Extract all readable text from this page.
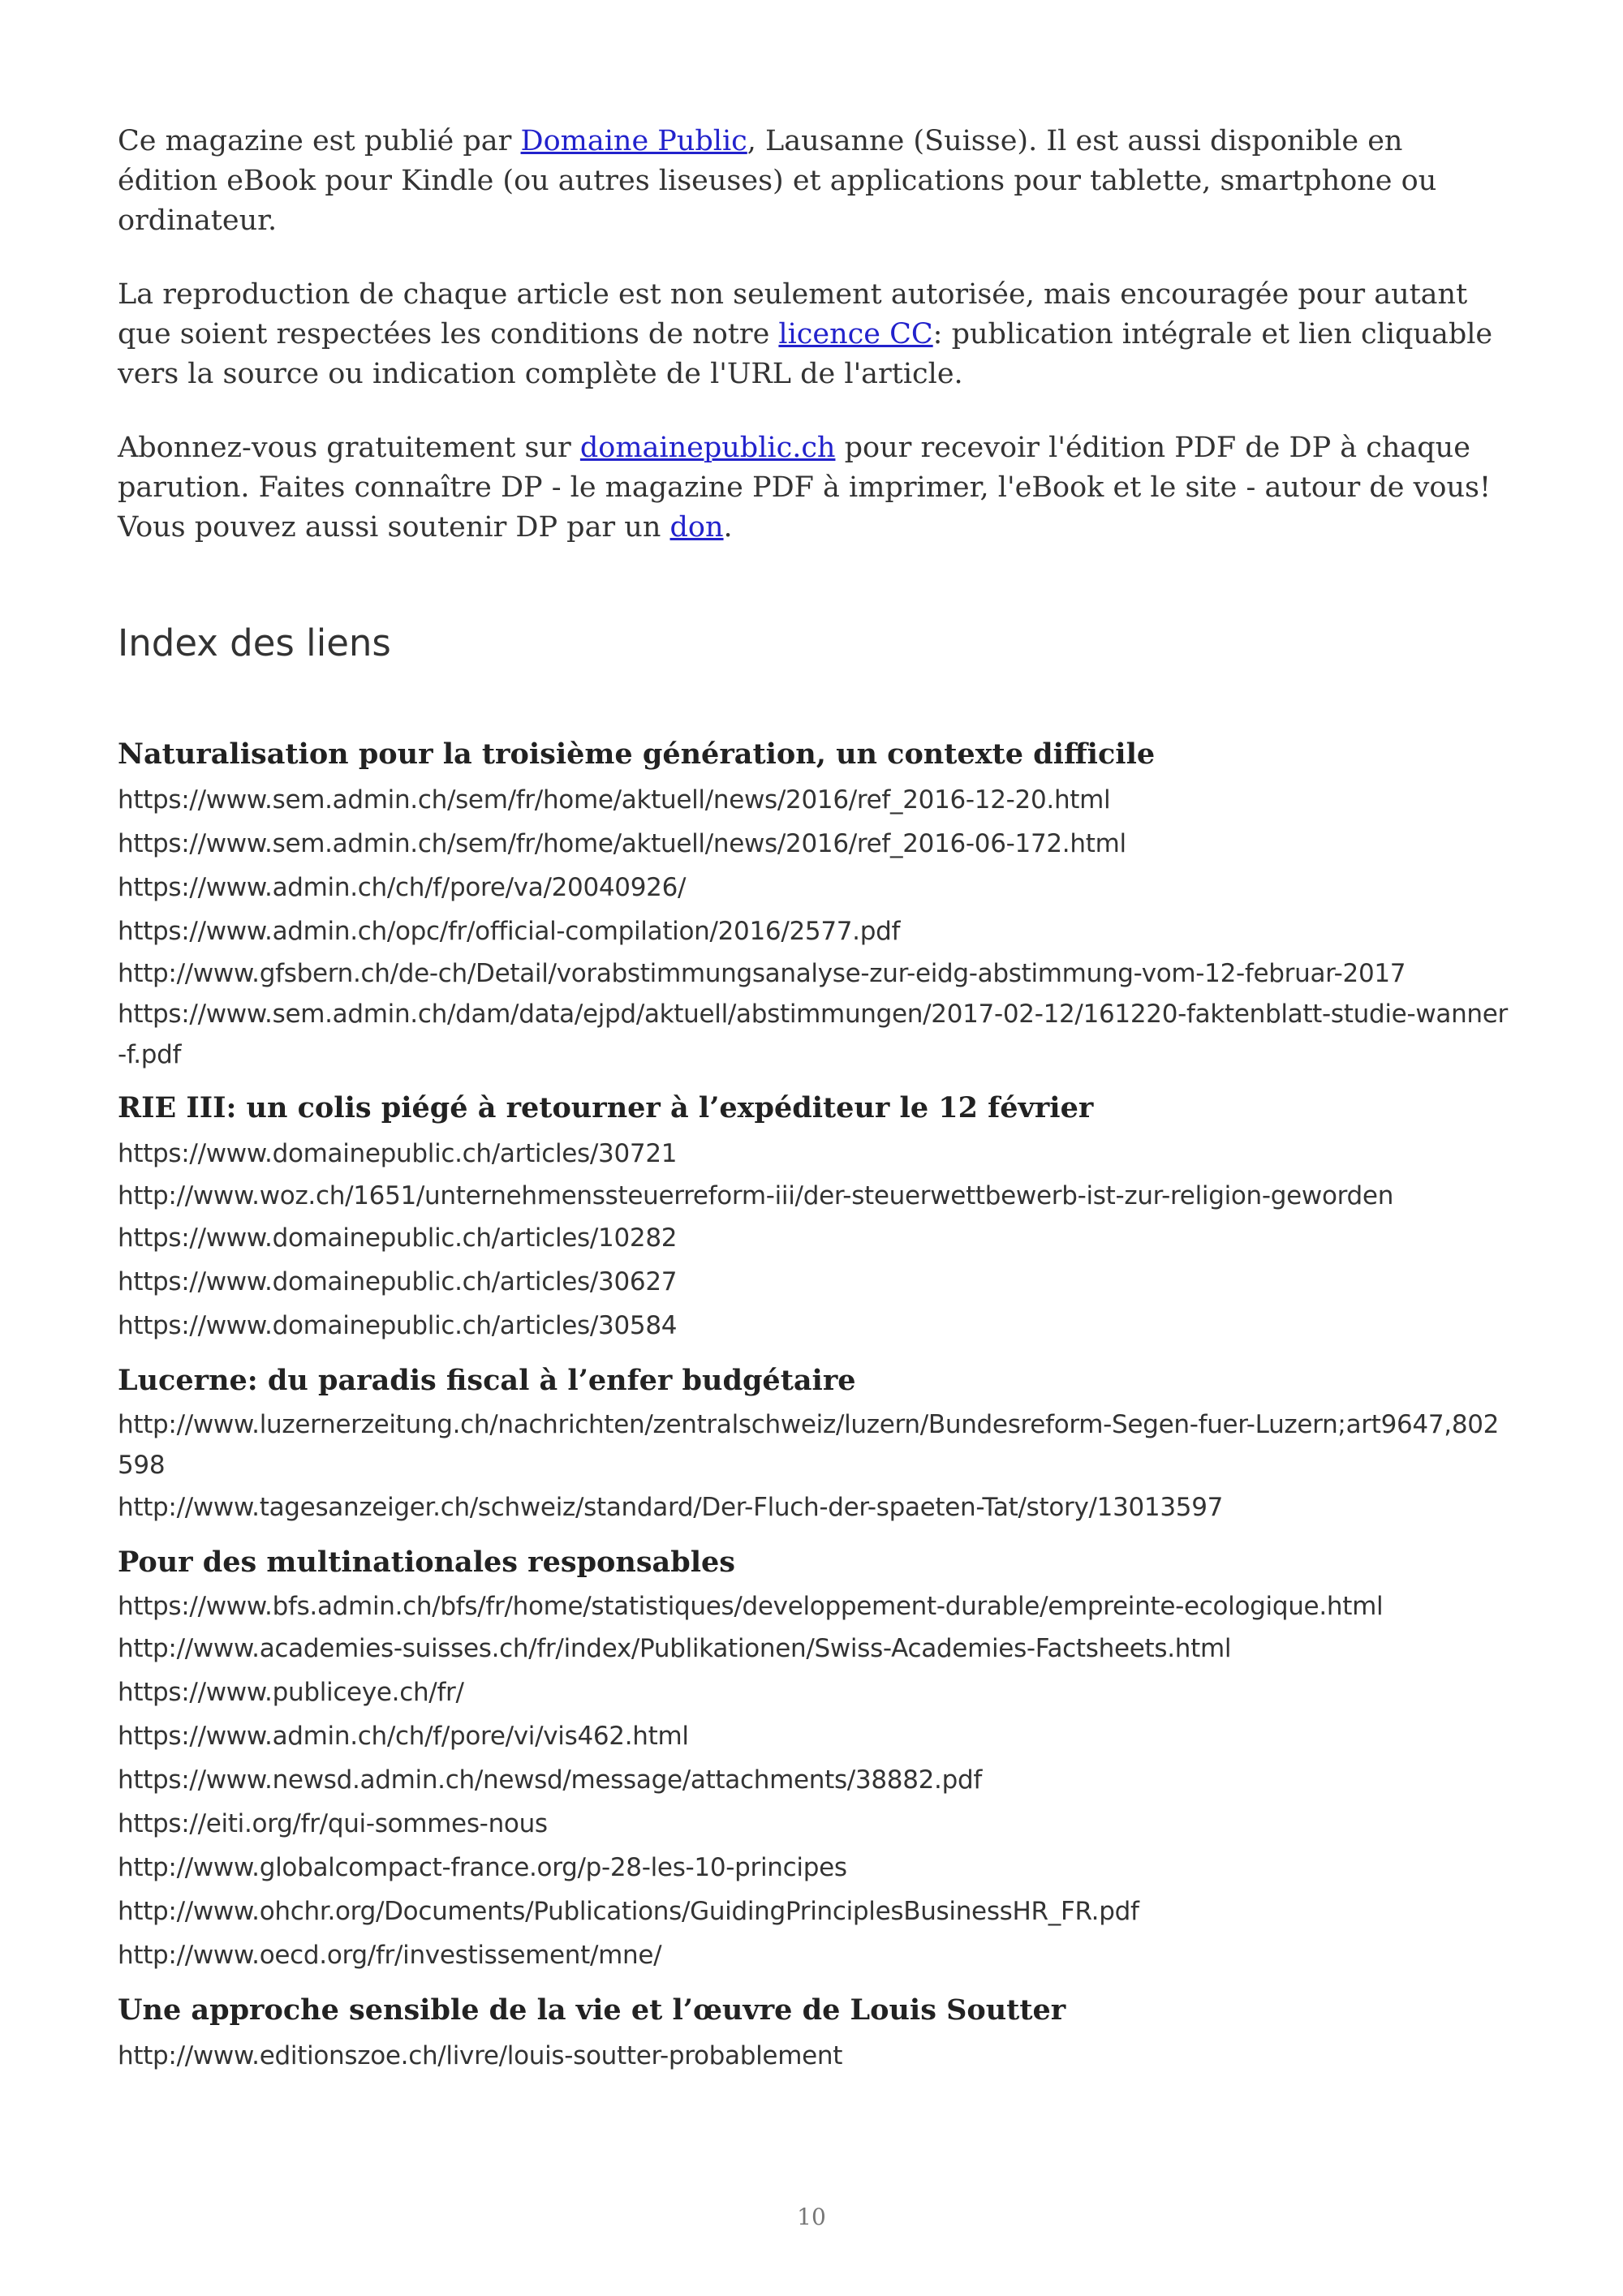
Ce magazine est publié par Domaine Public, Lausanne (Suisse). Il est aussi disponible en édition eBook pour Kindle (ou autres liseuses) et applications pour tablette, smartphone ou ordinateur.

La reproduction de chaque article est non seulement autorisée, mais encouragée pour autant que soient respectées les conditions de notre licence CC: publication intégrale et lien cliquable vers la source ou indication complète de l'URL de l'article.

Abonnez-vous gratuitement sur domainepublic.ch pour recevoir l'édition PDF de DP à chaque parution. Faites connaître DP - le magazine PDF à imprimer, l'eBook et le site - autour de vous! Vous pouvez aussi soutenir DP par un don.

Index des liens
Naturalisation pour la troisième génération, un contexte difficile

https://www.sem.admin.ch/sem/fr/home/aktuell/news/2016/ref_2016-12-20.html

https://www.sem.admin.ch/sem/fr/home/aktuell/news/2016/ref_2016-06-172.html

https://www.admin.ch/ch/f/pore/va/20040926/

https://www.admin.ch/opc/fr/official-compilation/2016/2577.pdf

http://www.gfsbern.ch/de-ch/Detail/vorabstimmungsanalyse-zur-eidg-abstimmung-vom-12-februar-2017

https://www.sem.admin.ch/dam/data/ejpd/aktuell/abstimmungen/2017-02-12/161220-faktenblatt-studie-wanner-f.pdf

RIE III: un colis piégé à retourner à l’expéditeur le 12 février

https://www.domainepublic.ch/articles/30721

http://www.woz.ch/1651/unternehmenssteuerreform-iii/der-steuerwettbewerb-ist-zur-religion-geworden

https://www.domainepublic.ch/articles/10282

https://www.domainepublic.ch/articles/30627

https://www.domainepublic.ch/articles/30584

Lucerne: du paradis fiscal à l’enfer budgétaire

http://www.luzernerzeitung.ch/nachrichten/zentralschweiz/luzern/Bundesreform-Segen-fuer-Luzern;art9647,802598

http://www.tagesanzeiger.ch/schweiz/standard/Der-Fluch-der-spaeten-Tat/story/13013597

Pour des multinationales responsables

https://www.bfs.admin.ch/bfs/fr/home/statistiques/developpement-durable/empreinte-ecologique.html

http://www.academies-suisses.ch/fr/index/Publikationen/Swiss-Academies-Factsheets.html

https://www.publiceye.ch/fr/

https://www.admin.ch/ch/f/pore/vi/vis462.html

https://www.newsd.admin.ch/newsd/message/attachments/38882.pdf

https://eiti.org/fr/qui-sommes-nous

http://www.globalcompact-france.org/p-28-les-10-principes

http://www.ohchr.org/Documents/Publications/GuidingPrinciplesBusinessHR_FR.pdf

http://www.oecd.org/fr/investissement/mne/

Une approche sensible de la vie et l’œuvre de Louis Soutter

http://www.editionszoe.ch/livre/louis-soutter-probablement

10
